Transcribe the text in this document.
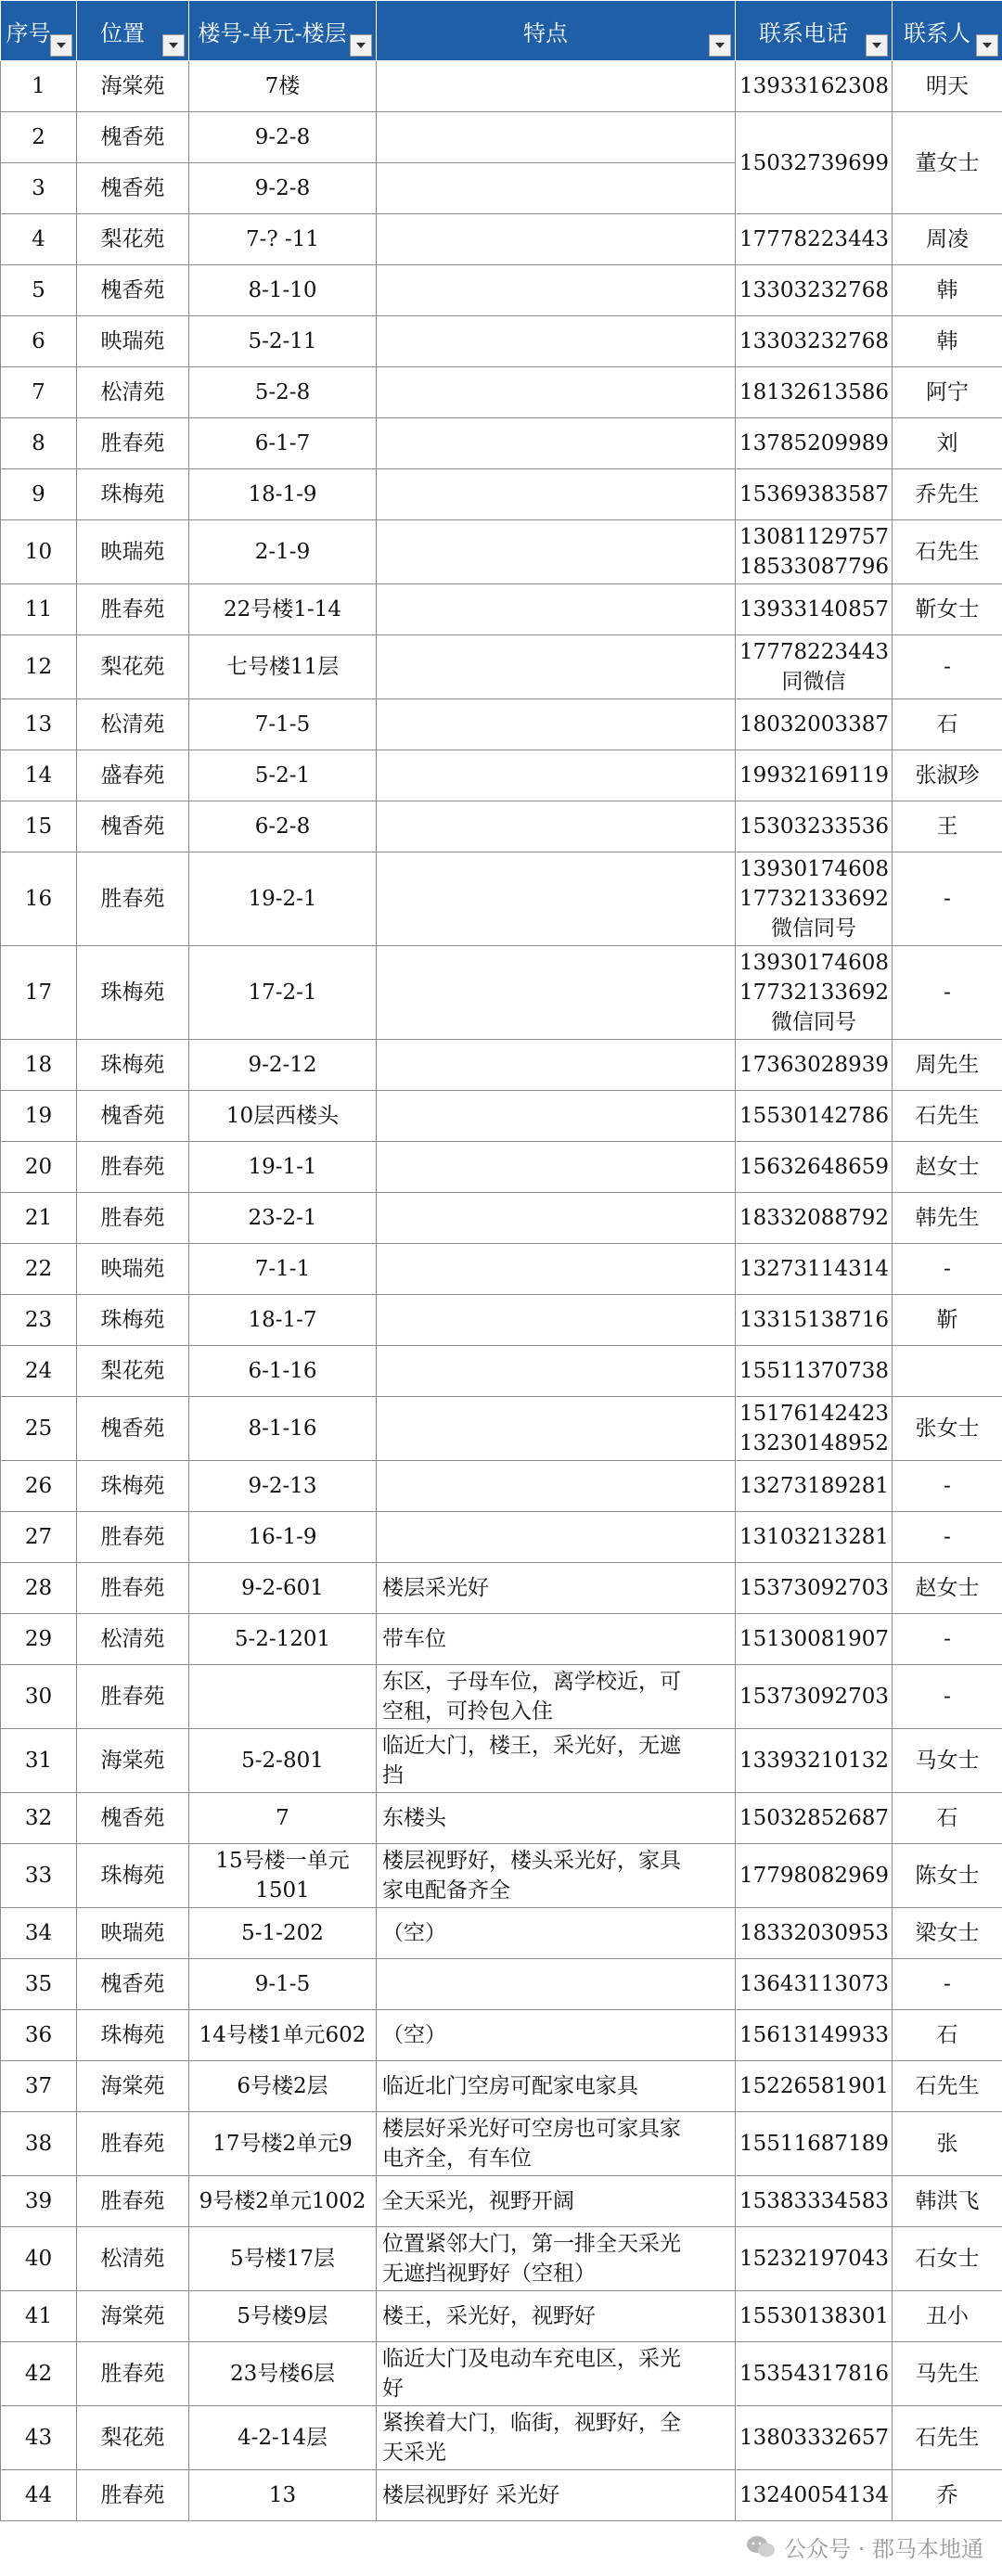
序号	位置	楼号-单元-楼层	特点	联系电话	联系人

1	海棠苑	7楼		13933162308	明天

2	槐香苑	9-2-8		15032739699	董女士

3	槐香苑	9-2-8			

4	梨花苑	7-? -11		17778223443	周凌

5	槐香苑	8-1-10		13303232768	韩

6	映瑞苑	5-2-11		13303232768	韩

7	松清苑	5-2-8		18132613586	阿宁

8	胜春苑	6-1-7		13785209989	刘

9	珠梅苑	18-1-9		15369383587	乔先生

10	映瑞苑	2-1-9		13081129757
18533087796	石先生

11	胜春苑	22号楼1-14		13933140857	靳女士

12	梨花苑	七号楼11层		17778223443
同微信	-

13	松清苑	7-1-5		18032003387	石

14	盛春苑	5-2-1		19932169119	张淑珍

15	槐香苑	6-2-8		15303233536	王

16	胜春苑	19-2-1		13930174608
17732133692
微信同号	-

17	珠梅苑	17-2-1		13930174608
17732133692
微信同号	-

18	珠梅苑	9-2-12		17363028939	周先生

19	槐香苑	10层西楼头		15530142786	石先生

20	胜春苑	19-1-1		15632648659	赵女士

21	胜春苑	23-2-1		18332088792	韩先生

22	映瑞苑	7-1-1		13273114314	-

23	珠梅苑	18-1-7		13315138716	靳

24	梨花苑	6-1-16		15511370738	

25	槐香苑	8-1-16		15176142423
13230148952	张女士

26	珠梅苑	9-2-13		13273189281	-

27	胜春苑	16-1-9		13103213281	-

28	胜春苑	9-2-601	楼层采光好	15373092703	赵女士

29	松清苑	5-2-1201	带车位	15130081907	-

30	胜春苑		东区，子母车位，离学校近，可
空租，可拎包入住	15373092703	-

31	海棠苑	5-2-801	临近大门，楼王，采光好，无遮
挡	13393210132	马女士

32	槐香苑	7	东楼头	15032852687	石

33	珠梅苑	15号楼一单元
1501	楼层视野好，楼头采光好，家具
家电配备齐全	17798082969	陈女士

34	映瑞苑	5-1-202	（空）	18332030953	梁女士

35	槐香苑	9-1-5		13643113073	-

36	珠梅苑	14号楼1单元602	（空）	15613149933	石

37	海棠苑	6号楼2层	临近北门空房可配家电家具	15226581901	石先生

38	胜春苑	17号楼2单元9	楼层好采光好可空房也可家具家
电齐全，有车位	15511687189	张

39	胜春苑	9号楼2单元1002	全天采光，视野开阔	15383334583	韩洪飞

40	松清苑	5号楼17层	位置紧邻大门，第一排全天采光
无遮挡视野好（空租）	15232197043	石女士

41	海棠苑	5号楼9层	楼王，采光好，视野好	15530138301	丑小

42	胜春苑	23号楼6层	临近大门及电动车充电区，采光
好	15354317816	马先生

43	梨花苑	4-2-14层	紧挨着大门，临街，视野好，全
天采光	13803332657	石先生

44	胜春苑	13	楼层视野好 采光好	13240054134	乔
公众号 · 郡马本地通
